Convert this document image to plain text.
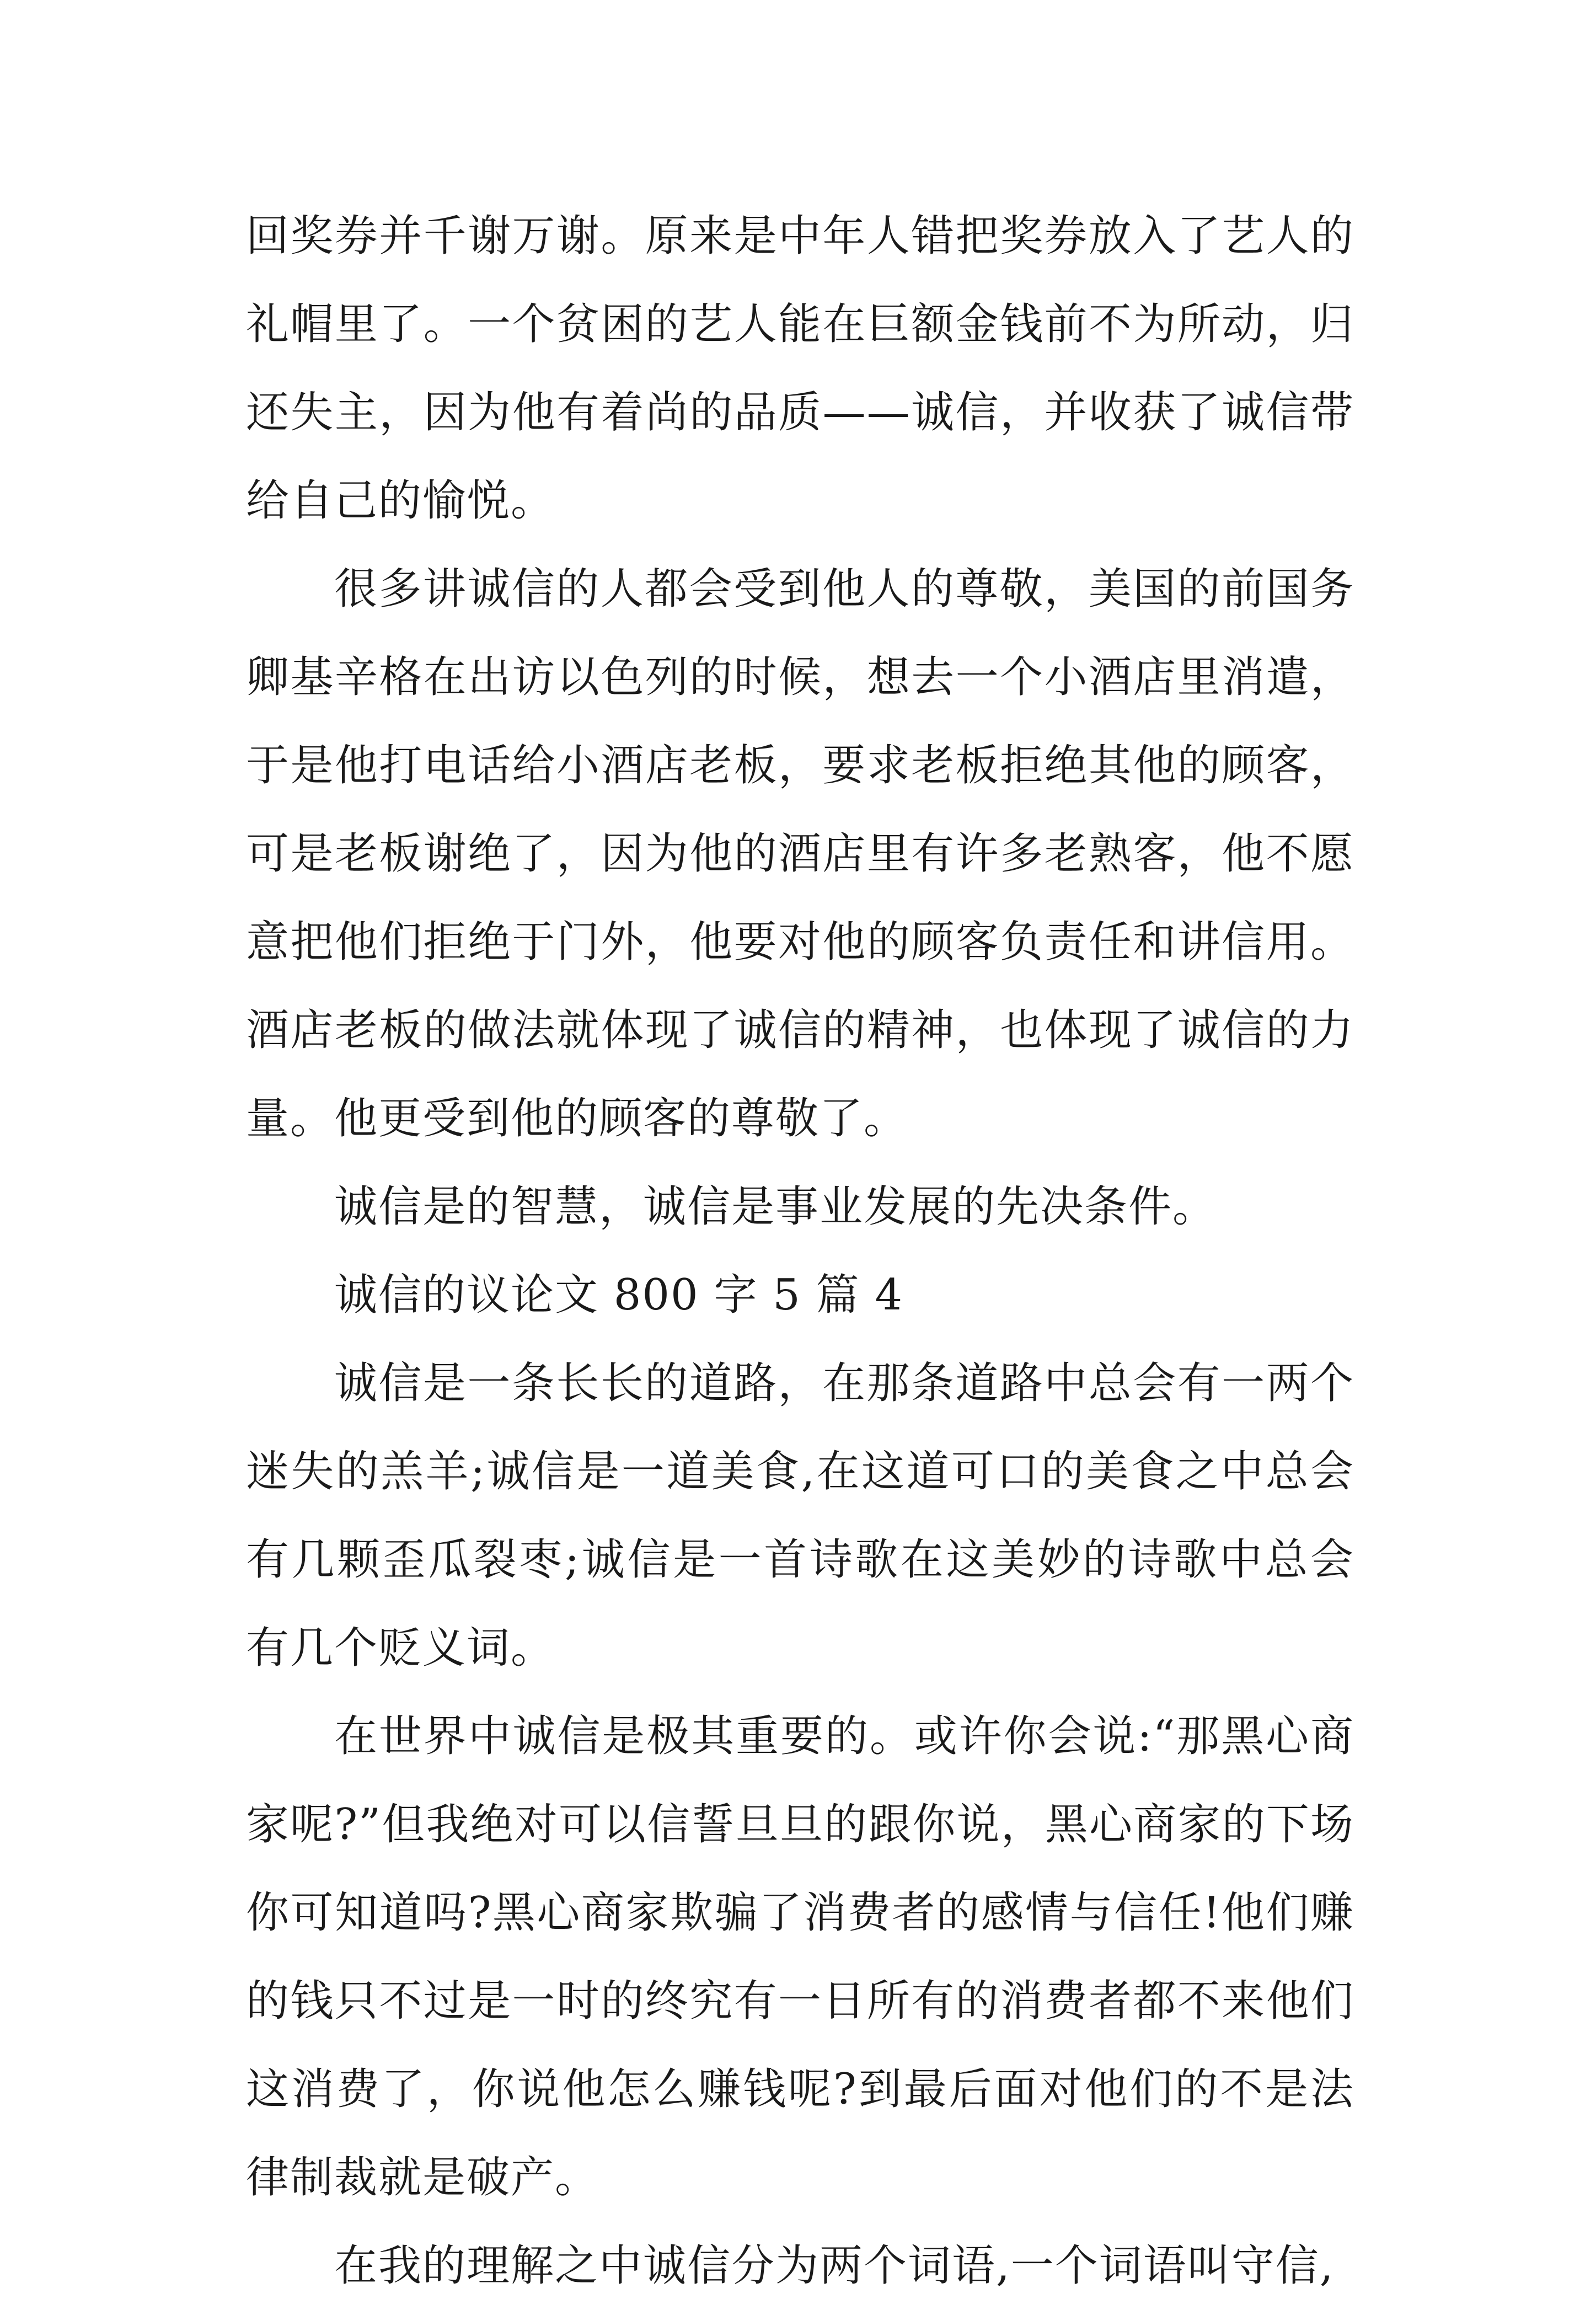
回奖券并千谢万谢。原来是中年人错把奖券放入了艺人的礼帽里了。一个贫困的艺人能在巨额金钱前不为所动，归还失主，因为他有着尚的品质——诚信，并收获了诚信带给自己的愉悦。

很多讲诚信的人都会受到他人的尊敬，美国的前国务卿基辛格在出访以色列的时候，想去一个小酒店里消遣，于是他打电话给小酒店老板，要求老板拒绝其他的顾客，可是老板谢绝了，因为他的酒店里有许多老熟客，他不愿意把他们拒绝于门外，他要对他的顾客负责任和讲信用。酒店老板的做法就体现了诚信的精神，也体现了诚信的力量。他更受到他的顾客的尊敬了。

诚信是的智慧，诚信是事业发展的先决条件。

诚信的议论文 800 字 5 篇 4

诚信是一条长长的道路，在那条道路中总会有一两个迷失的羔羊;诚信是一道美食,在这道可口的美食之中总会有几颗歪瓜裂枣;诚信是一首诗歌在这美妙的诗歌中总会有几个贬义词。

在世界中诚信是极其重要的。或许你会说:“那黑心商家呢?”但我绝对可以信誓旦旦的跟你说，黑心商家的下场你可知道吗?黑心商家欺骗了消费者的感情与信任!他们赚的钱只不过是一时的终究有一日所有的消费者都不来他们这消费了，你说他怎么赚钱呢?到最后面对他们的不是法律制裁就是破产。

在我的理解之中诚信分为两个词语,一个词语叫守信,
